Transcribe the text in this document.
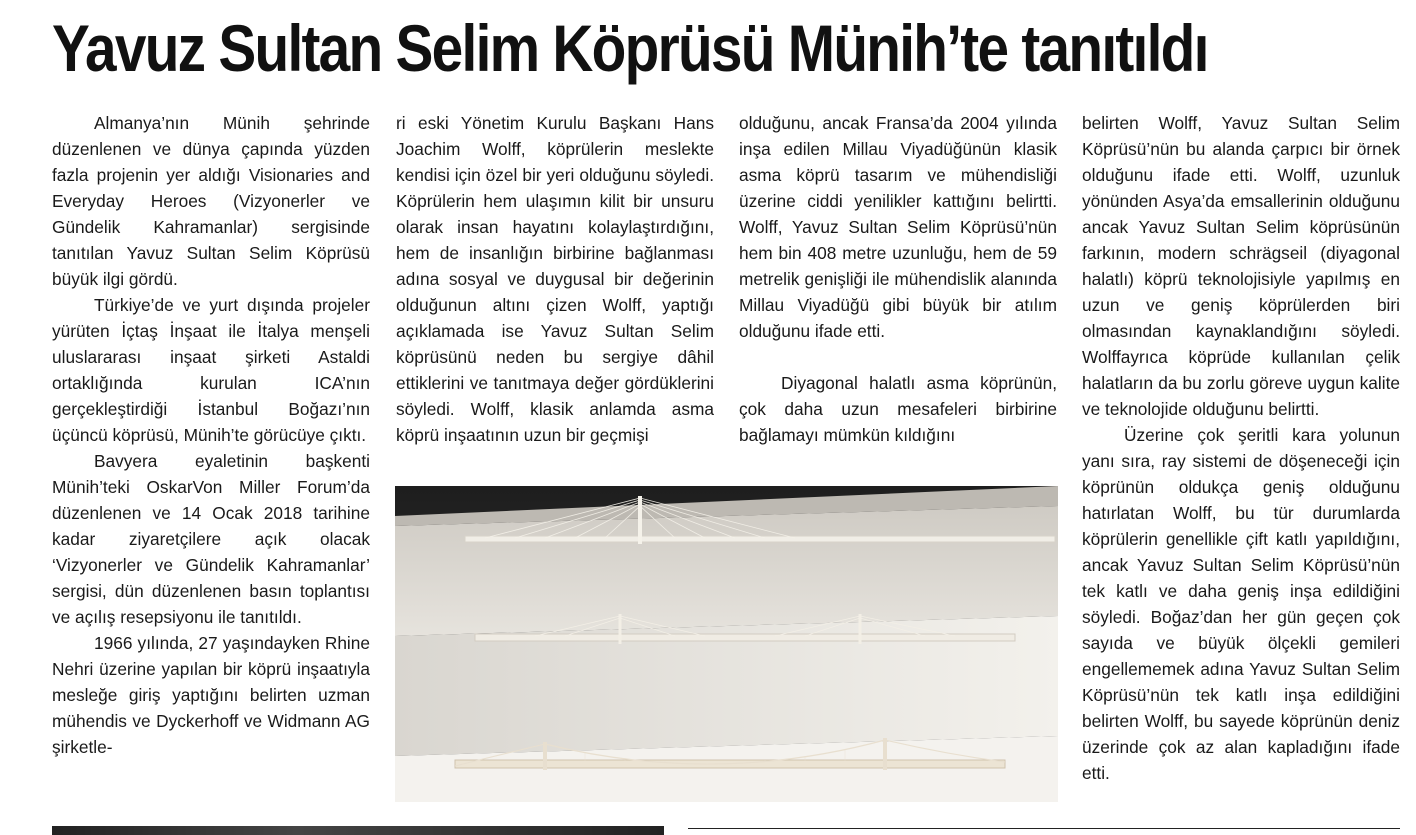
Yavuz Sultan Selim Köprüsü Münih’te tanıtıldı

Almanya’nın Münih şehrinde düzenlenen ve dünya çapında yüzden fazla projenin yer aldığı Visionaries and Everyday Heroes (Vizyonerler ve Gündelik Kahramanlar) sergisinde tanıtılan Yavuz Sultan Selim Köprüsü büyük ilgi gördü.

Türkiye’de ve yurt dışında projeler yürüten İçtaş İnşaat ile İtalya menşeli uluslararası inşaat şirketi Astaldi ortaklığında kurulan ICA’nın gerçekleştirdiği İstanbul Boğazı’nın üçüncü köprüsü, Münih’te görücüye çıktı.

Bavyera eyaletinin başkenti Münih’teki OskarVon Miller Forum’da düzenlenen ve 14 Ocak 2018 tarihine kadar ziyaretçilere açık olacak ‘Vizyonerler ve Gündelik Kahramanlar’ sergisi, dün düzenlenen basın toplantısı ve açılış resepsiyonu ile tanıtıldı.

1966 yılında, 27 yaşındayken Rhine Nehri üzerine yapılan bir köprü inşaatıyla mesleğe giriş yaptığını belirten uzman mühendis ve Dyckerhoff ve Widmann AG şirketle-

ri eski Yönetim Kurulu Başkanı Hans Joachim Wolff, köprülerin meslekte kendisi için özel bir yeri olduğunu söyledi. Köprülerin hem ulaşımın kilit bir unsuru olarak insan hayatını kolaylaştırdığını, hem de insanlığın birbirine bağlanması adına sosyal ve duygusal bir değerinin olduğunun altını çizen Wolff, yaptığı açıklamada ise Yavuz Sultan Selim köprüsünü neden bu sergiye dâhil ettiklerini ve tanıtmaya değer gördüklerini söyledi. Wolff, klasik anlamda asma köprü inşaatının uzun bir geçmişi

olduğunu, ancak Fransa’da 2004 yılında inşa edilen Millau Viyadüğünün klasik asma köprü tasarım ve mühendisliği üzerine ciddi yenilikler kattığını belirtti. Wolff, Yavuz Sultan Selim Köprüsü’nün hem bin 408 metre uzunluğu, hem de 59 metrelik genişliği ile mühendislik alanında Millau Viyadüğü gibi büyük bir atılım olduğunu ifade etti.

Diyagonal halatlı asma köprünün, çok daha uzun mesafeleri birbirine bağlamayı mümkün kıldığını

belirten Wolff, Yavuz Sultan Selim Köprüsü’nün bu alanda çarpıcı bir örnek olduğunu ifade etti. Wolff, uzunluk yönünden Asya’da emsallerinin olduğunu ancak Yavuz Sultan Selim köprüsünün farkının, modern schrägseil (diyagonal halatlı) köprü teknolojisiyle yapılmış en uzun ve geniş köprülerden biri olmasından kaynaklandığını söyledi. Wolffayrıca köprüde kullanılan çelik halatların da bu zorlu göreve uygun kalite ve teknolojide olduğunu belirtti.

Üzerine çok şeritli kara yolunun yanı sıra, ray sistemi de döşeneceği için köprünün oldukça geniş olduğunu hatırlatan Wolff, bu tür durumlarda köprülerin genellikle çift katlı yapıldığını, ancak Yavuz Sultan Selim Köprüsü’nün tek katlı ve daha geniş inşa edildiğini söyledi. Boğaz’dan her gün geçen çok sayıda ve büyük ölçekli gemileri engellememek adına Yavuz Sultan Selim Köprüsü’nün tek katlı inşa edildiğini belirten Wolff, bu sayede köprünün deniz üzerinde çok az alan kapladığını ifade etti.
